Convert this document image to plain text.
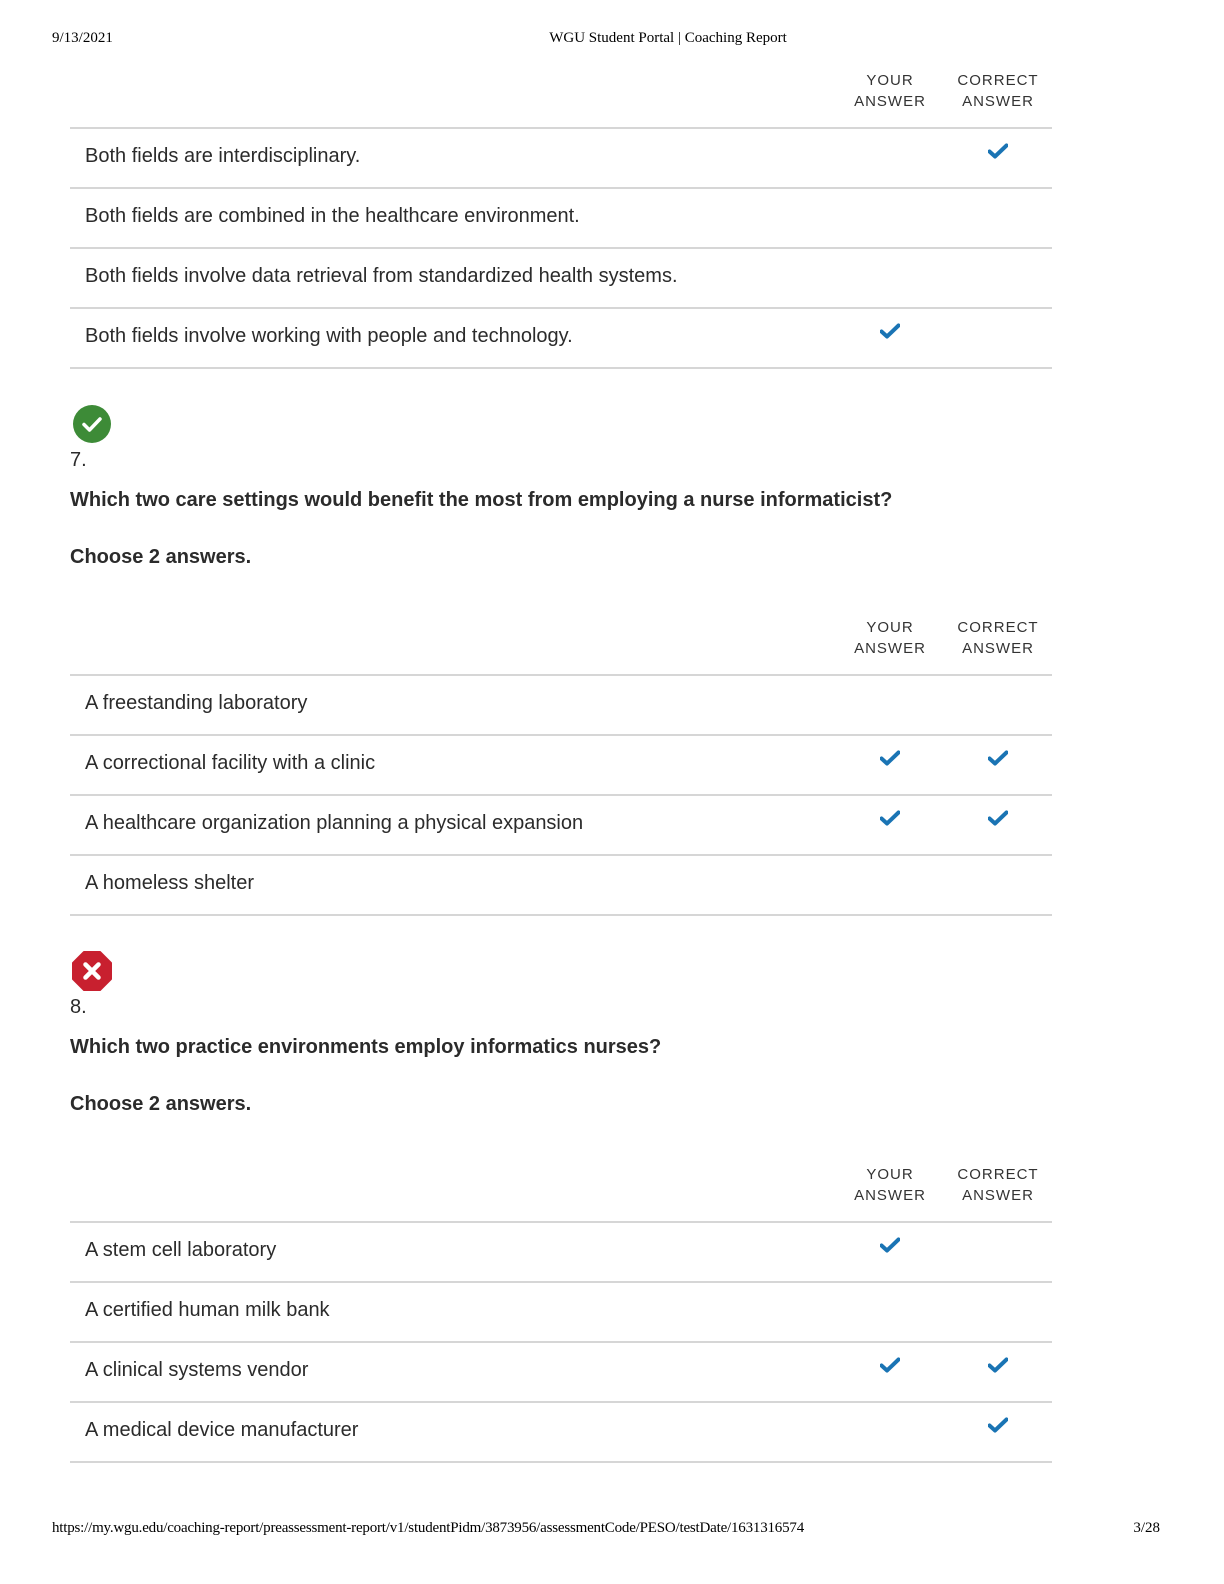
9/13/2021	WGU Student Portal | Coaching Report
YOUR
ANSWER
CORRECT
ANSWER
Both fields are interdisciplinary.
Both fields are combined in the healthcare environment.
Both fields involve data retrieval from standardized health systems.
Both fields involve working with people and technology.
7.
Which two care settings would benefit the most from employing a nurse informaticist?
Choose 2 answers.
YOUR
ANSWER
CORRECT
ANSWER
A freestanding laboratory
A correctional facility with a clinic
A healthcare organization planning a physical expansion
A homeless shelter
8.
Which two practice environments employ informatics nurses?
Choose 2 answers.
YOUR
ANSWER
CORRECT
ANSWER
A stem cell laboratory
A certified human milk bank
A clinical systems vendor
A medical device manufacturer
https://my.wgu.edu/coaching-report/preassessment-report/v1/studentPidm/3873956/assessmentCode/PESO/testDate/1631316574	3/28
